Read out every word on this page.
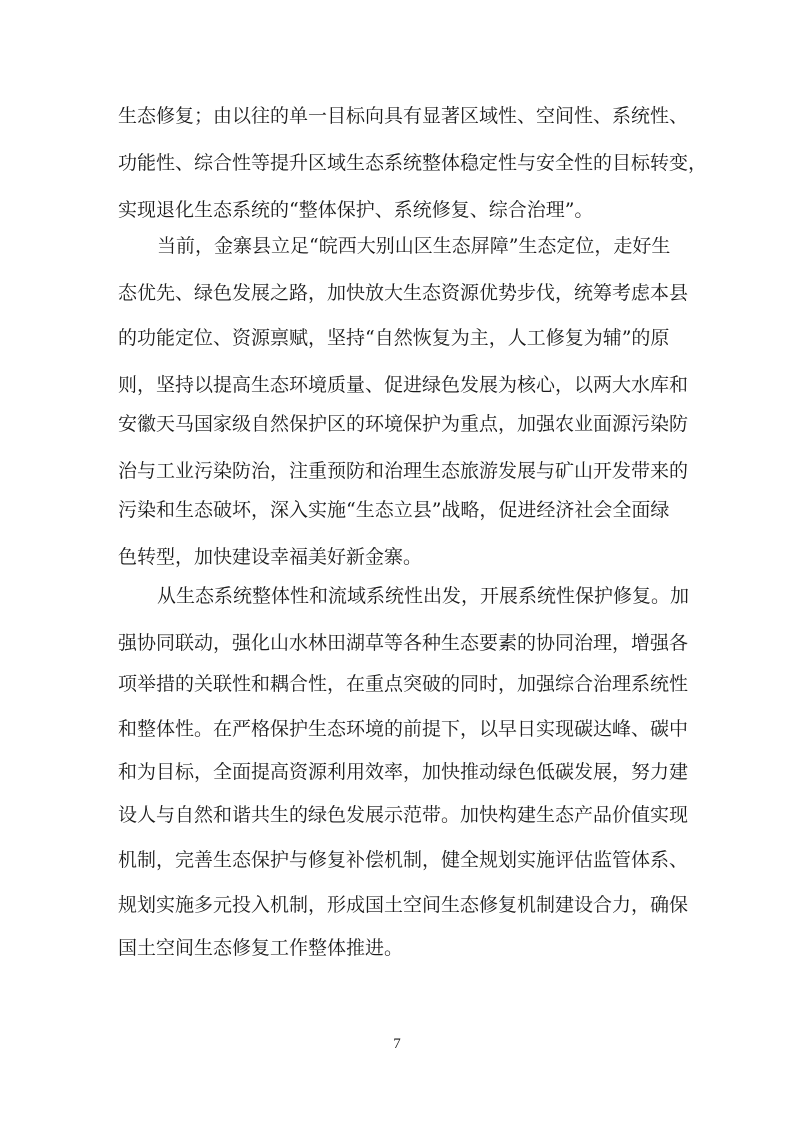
生态修复；由以往的单一目标向具有显著区域性、空间性、系统性、
功能性、综合性等提升区域生态系统整体稳定性与安全性的目标转变，
实现退化生态系统的“整体保护、系统修复、综合治理”。
当前，金寨县立足“皖西大别山区生态屏障”生态定位，走好生
态优先、绿色发展之路，加快放大生态资源优势步伐，统筹考虑本县
的功能定位、资源禀赋，坚持“自然恢复为主，人工修复为辅”的原
则，坚持以提高生态环境质量、促进绿色发展为核心，以两大水库和
安徽天马国家级自然保护区的环境保护为重点，加强农业面源污染防
治与工业污染防治，注重预防和治理生态旅游发展与矿山开发带来的
污染和生态破坏，深入实施“生态立县”战略，促进经济社会全面绿
色转型，加快建设幸福美好新金寨。
从生态系统整体性和流域系统性出发，开展系统性保护修复。加
强协同联动，强化山水林田湖草等各种生态要素的协同治理，增强各
项举措的关联性和耦合性，在重点突破的同时，加强综合治理系统性
和整体性。在严格保护生态环境的前提下，以早日实现碳达峰、碳中
和为目标，全面提高资源利用效率，加快推动绿色低碳发展，努力建
设人与自然和谐共生的绿色发展示范带。加快构建生态产品价值实现
机制，完善生态保护与修复补偿机制，健全规划实施评估监管体系、
规划实施多元投入机制，形成国土空间生态修复机制建设合力，确保
国土空间生态修复工作整体推进。
7
